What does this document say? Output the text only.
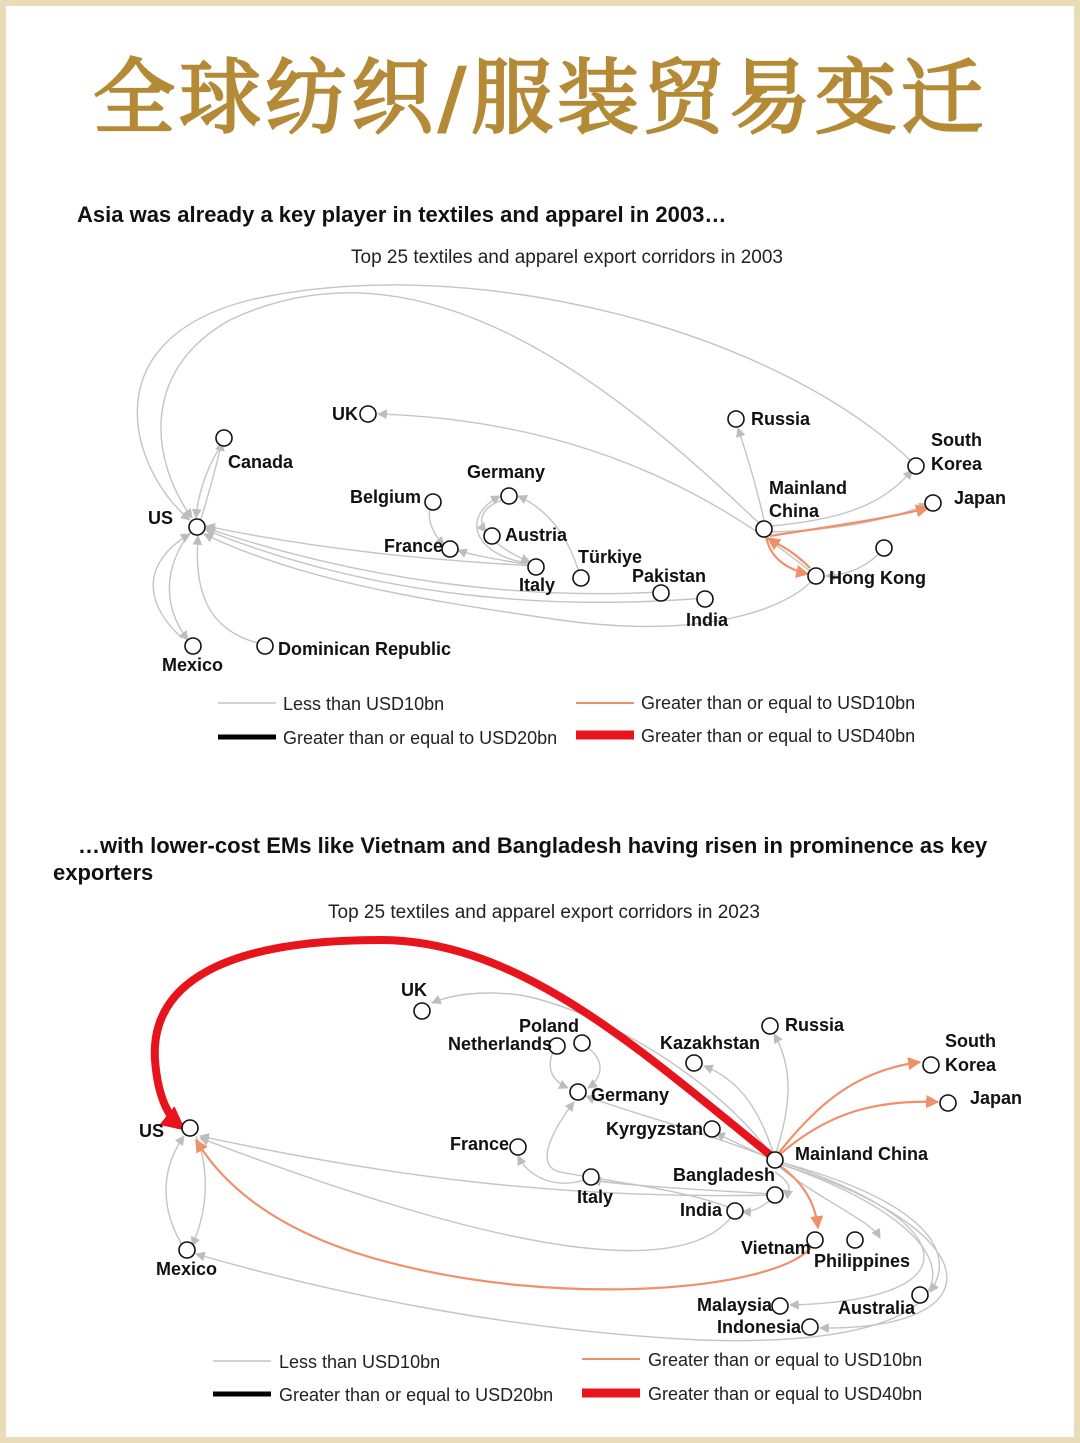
全球纺织/服装贸易变迁
Asia was already a key player in textiles and apparel in 2003…
…with lower-cost EMs like Vietnam and Bangladesh having risen in prominence as key exporters
Top 25 textiles and apparel export corridors in 2003
US
Canada
Mexico
Dominican Republic
UK
Belgium
Germany
France
Austria
Italy
Türkiye
Pakistan
India
Russia
Mainland
China
South
Korea
Japan
Hong Kong
Less than USD10bn
Greater than or equal to USD20bn
Greater than or equal to USD10bn
Greater than or equal to USD40bn
Top 25 textiles and apparel export corridors in 2023
US
Mexico
UK
Poland
Netherlands
Germany
France
Italy
Kazakhstan
Kyrgyzstan
Russia
South
Korea
Japan
Mainland China
Bangladesh
India
Vietnam
Philippines
Malaysia
Indonesia
Australia
Less than USD10bn
Greater than or equal to USD20bn
Greater than or equal to USD10bn
Greater than or equal to USD40bn
